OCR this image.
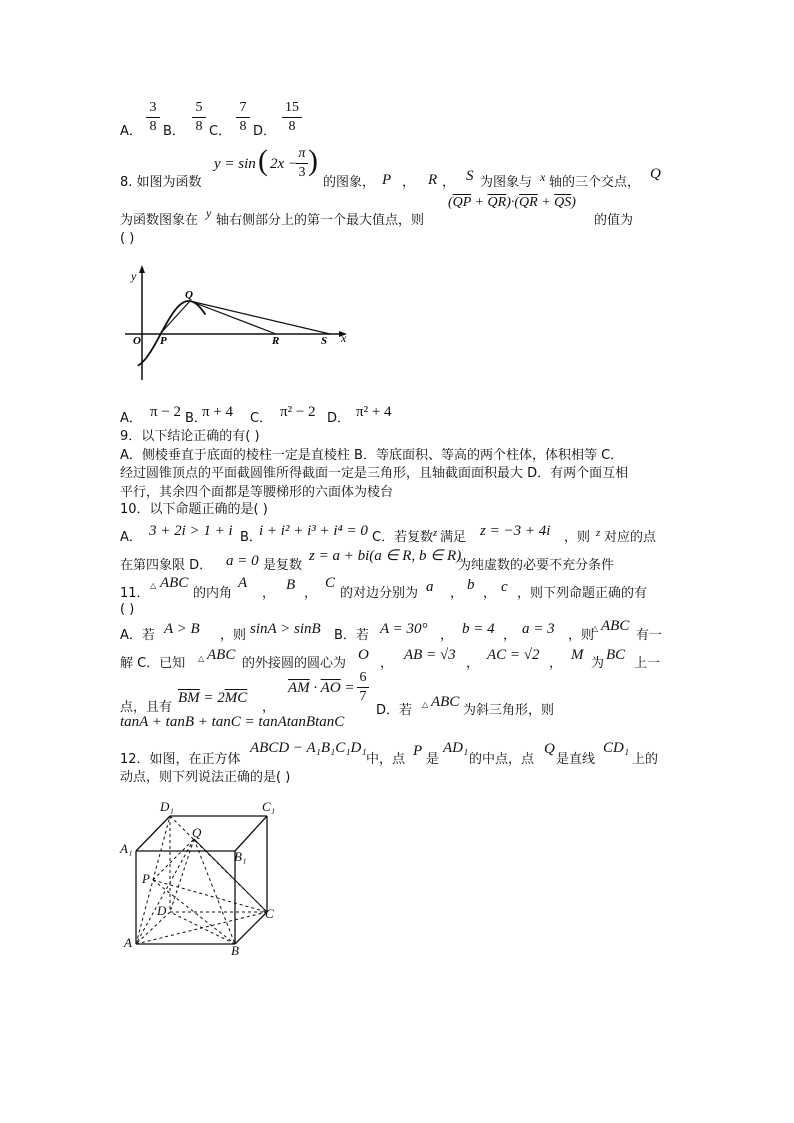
A．
3
8 B．
5
8 C．
7
8 D．
15
8
y = sin ( 2x −
π
3 )
8. 如图为函数	的图象， P ， R ， S 为图象与 x 轴的三个交点，
Q
为函数图象在 y 轴右侧部分上的第一个最大值点，则
$(\overline{QP} + \overline{QR})\cdot(\overline{QR} + \overline{QS})$
的值为
( )
y
x
O P
Q
R	S
A． π − 2 B．
π + 4 C． π² − 2 D． π² + 4
9．以下结论正确的有( )
A．侧棱垂直于底面的棱柱一定是直棱柱 B．等底面积、等高的两个柱体，体积相等 C．
经过圆锥顶点的平面截圆锥所得截面一定是三角形，且轴截面面积最大 D．有两个面互相
平行，其余四个面都是等腰梯形的六面体为棱台
10．以下命题正确的是( )
A． 3 + 2i > 1 + i B．
i + i² + i³ + i⁴ = 0 C．若复数 z 满足 z = −3 + 4i ，则 z 对应的点
在第四象限 D． a = 0 是复数
z = a + bi(a ∈ R, b ∈ R)
为纯虚数的必要不充分条件
11．
△ ABC
的内角
A
，
B
，
C
的对边分别为 a ，
b
， c ，则下列命题正确的有
( )
A．若 A > B ，则 sinA > sinB B．若 A = 30° ， b = 4 ， a = 3 ，则
△ ABC
有一
解 C．已知 △ ABC
的外接圆的圆心为
O
，
AB = √3
，
AC = √2
，
M
为
BC
上一
点，且有
$\overline{BM} = 2\overline{MC}$
，
$\overline{AM} \cdot \overline{AO}$ =
6
7
D．若 △ ABC
为斜三角形，则
tanA + tanB + tanC = tanAtanBtanC
12．如图，在正方体
ABCD − A₁B₁C₁D₁
中，点
P
是
AD₁
的中点，点
Q
是直线
CD₁
上的
动点，则下列说法正确的是( )
D₁	C₁
A₁
B₁
Q
P
D	C
A
B
